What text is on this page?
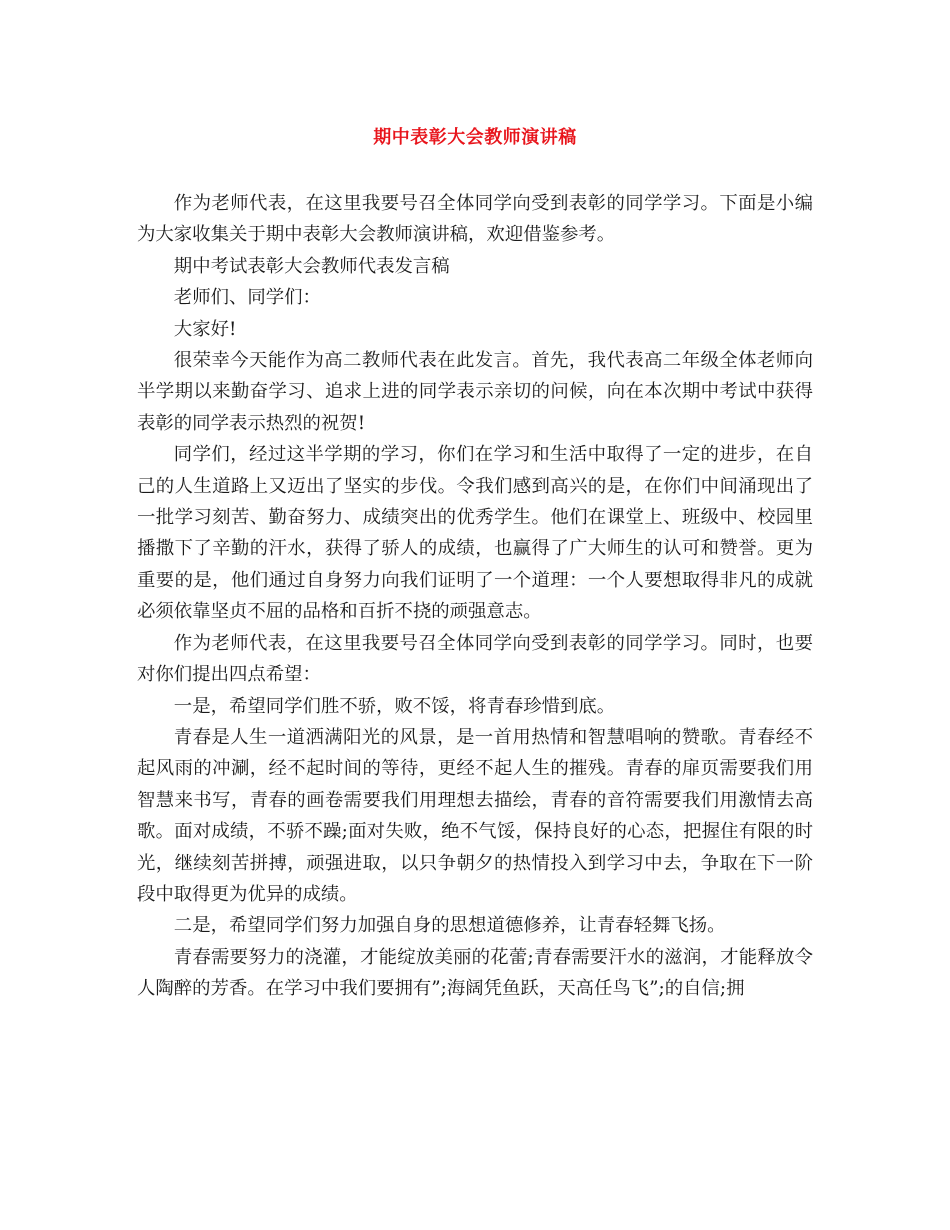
期中表彰大会教师演讲稿

作为老师代表，在这里我要号召全体同学向受到表彰的同学学习。下面是小编为大家收集关于期中表彰大会教师演讲稿，欢迎借鉴参考。

期中考试表彰大会教师代表发言稿

老师们、同学们：

大家好!

很荣幸今天能作为高二教师代表在此发言。首先，我代表高二年级全体老师向半学期以来勤奋学习、追求上进的同学表示亲切的问候，向在本次期中考试中获得表彰的同学表示热烈的祝贺!

同学们，经过这半学期的学习，你们在学习和生活中取得了一定的进步，在自己的人生道路上又迈出了坚实的步伐。令我们感到高兴的是，在你们中间涌现出了一批学习刻苦、勤奋努力、成绩突出的优秀学生。他们在课堂上、班级中、校园里播撒下了辛勤的汗水，获得了骄人的成绩，也赢得了广大师生的认可和赞誉。更为重要的是，他们通过自身努力向我们证明了一个道理：一个人要想取得非凡的成就必须依靠坚贞不屈的品格和百折不挠的顽强意志。

作为老师代表，在这里我要号召全体同学向受到表彰的同学学习。同时，也要对你们提出四点希望：

一是，希望同学们胜不骄，败不馁，将青春珍惜到底。

青春是人生一道洒满阳光的风景，是一首用热情和智慧唱响的赞歌。青春经不起风雨的冲涮，经不起时间的等待，更经不起人生的摧残。青春的扉页需要我们用智慧来书写，青春的画卷需要我们用理想去描绘，青春的音符需要我们用激情去高歌。面对成绩，不骄不躁;面对失败，绝不气馁，保持良好的心态，把握住有限的时光，继续刻苦拼搏，顽强进取，以只争朝夕的热情投入到学习中去，争取在下一阶段中取得更为优异的成绩。

二是，希望同学们努力加强自身的思想道德修养，让青春轻舞飞扬。

青春需要努力的浇灌，才能绽放美丽的花蕾;青春需要汗水的滋润，才能释放令人陶醉的芳香。在学习中我们要拥有”;海阔凭鱼跃，天高任鸟飞”;的自信;拥
